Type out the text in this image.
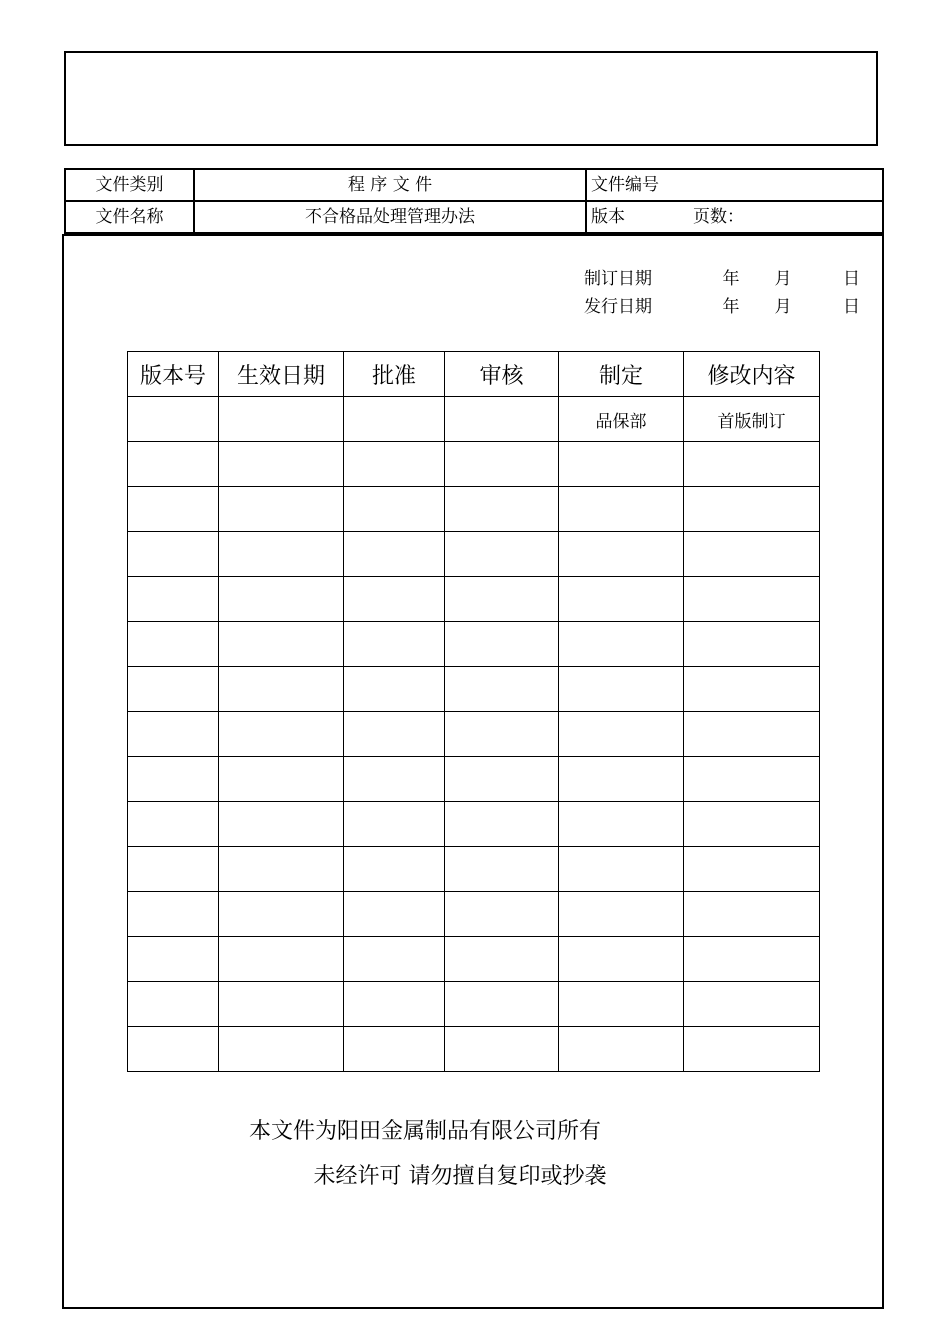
文件类别	程 序 文 件	文件编号
文件名称	不合格品处理管理办法	版本 页数：
制订日期	年	月	日
发行日期	年	月	日
版本号	生效日期	批准	审核	制定	修改内容
				品保部	首版制订

本文件为阳田金属制品有限公司所有
未经许可 请勿擅自复印或抄袭
